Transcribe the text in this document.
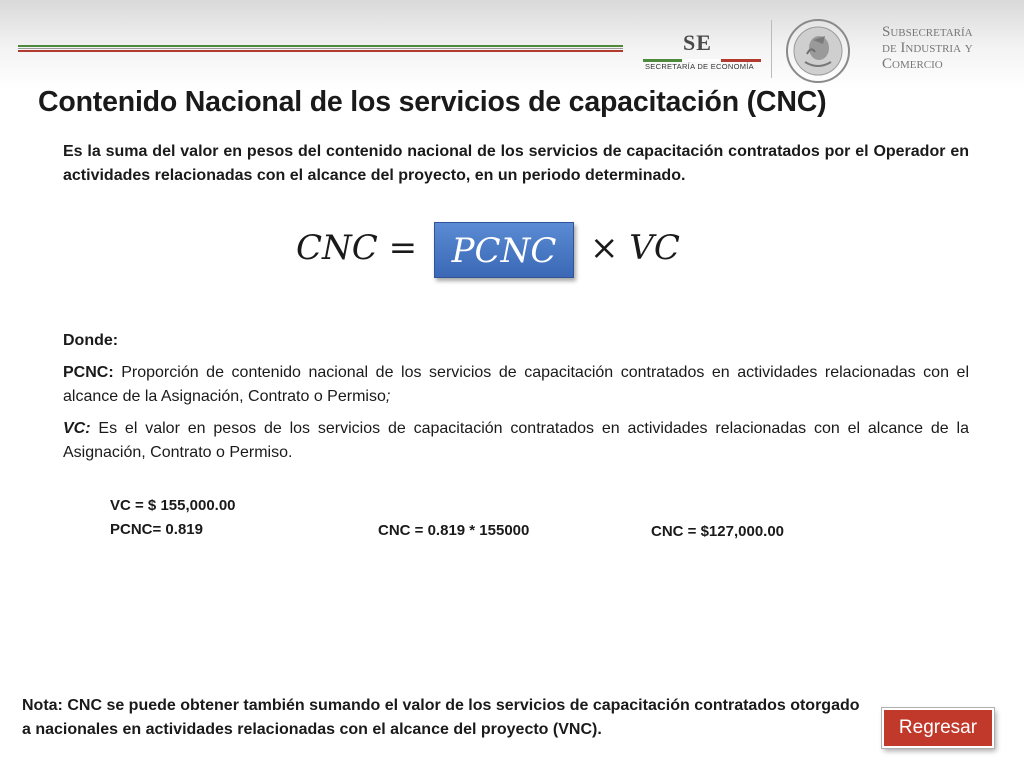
SE
SECRETARÍA DE ECONOMÍA
Subsecretaría
de Industria y
Comercio
Contenido Nacional de los servicios de capacitación (CNC)

Es la suma del valor en pesos del contenido nacional de los servicios de capacitación contratados por el Operador en actividades relacionadas con el alcance del proyecto, en un periodo determinado.

CNC =	PCNC × VC

Donde:

PCNC: Proporción de contenido nacional de los servicios de capacitación contratados en actividades relacionadas con el alcance de la Asignación, Contrato o Permiso;

VC: Es el valor en pesos de los servicios de capacitación contratados en actividades relacionadas con el alcance de la Asignación, Contrato o Permiso.

VC = $ 155,000.00
PCNC= 0.819	CNC = 0.819 * 155000	CNC = $127,000.00

Nota: CNC se puede obtener también sumando el valor de los servicios de capacitación contratados otorgado a nacionales en actividades relacionadas con el alcance del proyecto (VNC).	Regresar
